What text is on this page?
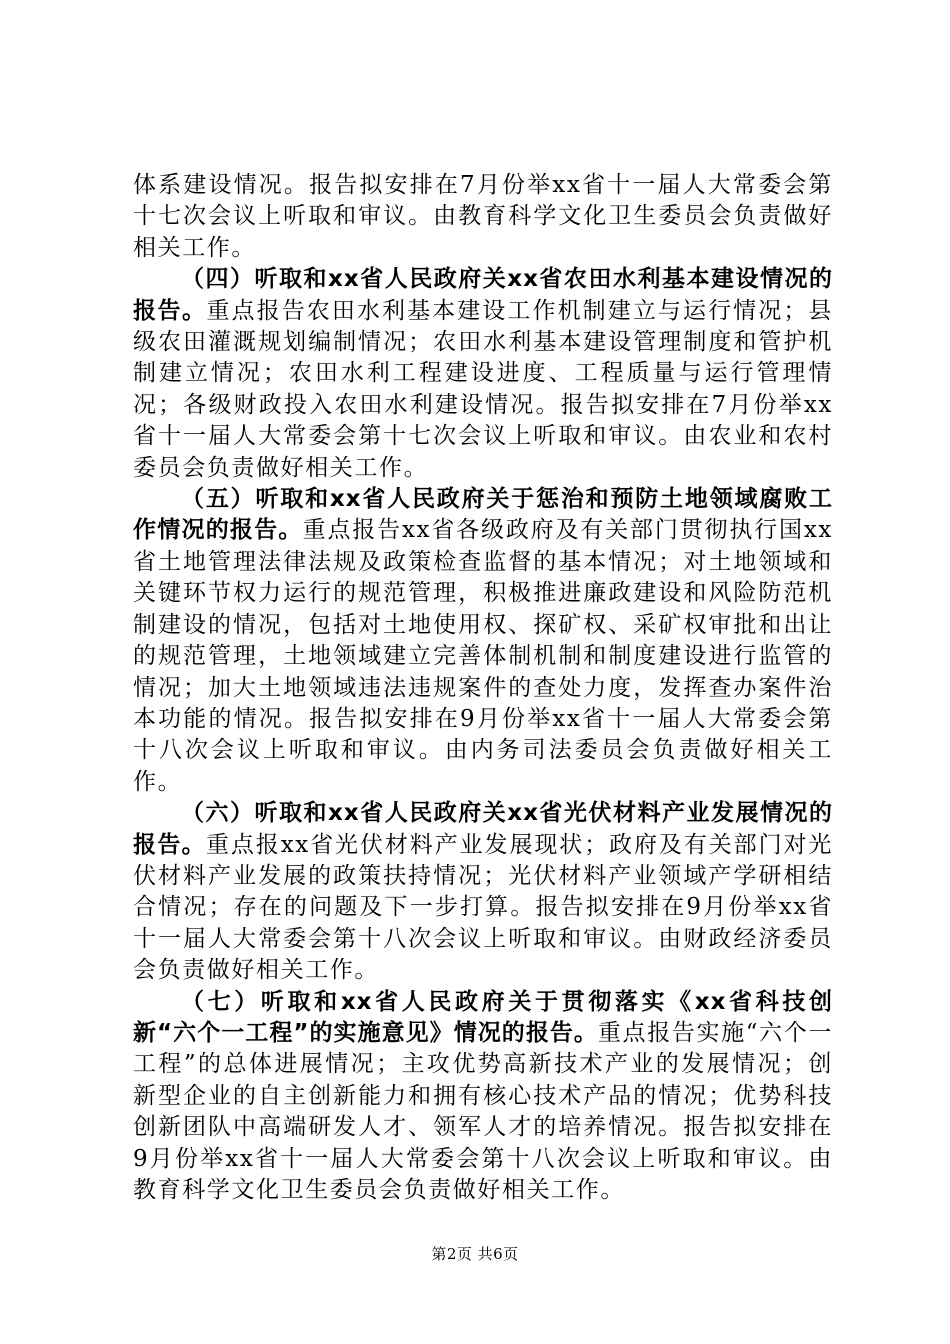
体系建设情况。报告拟安排在7月份举xx省十一届人大常委会第十七次会议上听取和审议。由教育科学文化卫生委员会负责做好相关工作。

（四）听取和xx省人民政府关xx省农田水利基本建设情况的报告。重点报告农田水利基本建设工作机制建立与运行情况；县级农田灌溉规划编制情况；农田水利基本建设管理制度和管护机制建立情况；农田水利工程建设进度、工程质量与运行管理情况；各级财政投入农田水利建设情况。报告拟安排在7月份举xx省十一届人大常委会第十七次会议上听取和审议。由农业和农村委员会负责做好相关工作。

（五）听取和xx省人民政府关于惩治和预防土地领域腐败工作情况的报告。重点报告xx省各级政府及有关部门贯彻执行国xx省土地管理法律法规及政策检查监督的基本情况；对土地领域和关键环节权力运行的规范管理，积极推进廉政建设和风险防范机制建设的情况，包括对土地使用权、探矿权、采矿权审批和出让的规范管理，土地领域建立完善体制机制和制度建设进行监管的情况；加大土地领域违法违规案件的查处力度，发挥查办案件治本功能的情况。报告拟安排在9月份举xx省十一届人大常委会第十八次会议上听取和审议。由内务司法委员会负责做好相关工作。

（六）听取和xx省人民政府关xx省光伏材料产业发展情况的报告。重点报xx省光伏材料产业发展现状；政府及有关部门对光伏材料产业发展的政策扶持情况；光伏材料产业领域产学研相结合情况；存在的问题及下一步打算。报告拟安排在9月份举xx省十一届人大常委会第十八次会议上听取和审议。由财政经济委员会负责做好相关工作。

（七）听取和xx省人民政府关于贯彻落实《xx省科技创新“六个一工程”的实施意见》情况的报告。重点报告实施“六个一工程”的总体进展情况；主攻优势高新技术产业的发展情况；创新型企业的自主创新能力和拥有核心技术产品的情况；优势科技创新团队中高端研发人才、领军人才的培养情况。报告拟安排在9月份举xx省十一届人大常委会第十八次会议上听取和审议。由教育科学文化卫生委员会负责做好相关工作。

第2页 共6页
